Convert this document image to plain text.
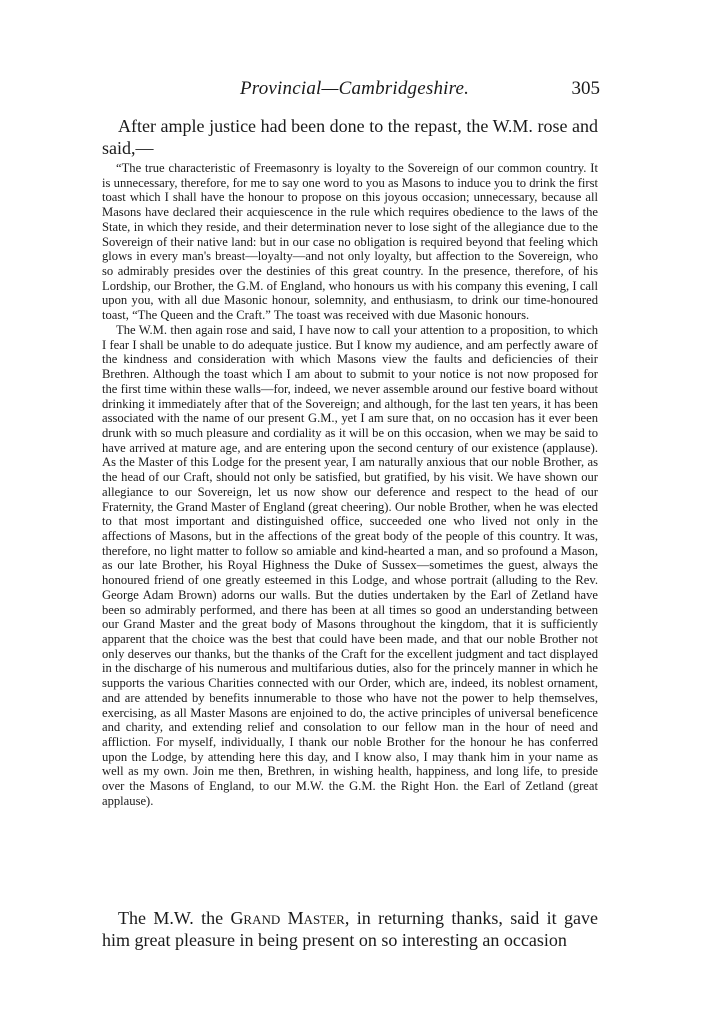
Provincial—Cambridgeshire.	305
After ample justice had been done to the repast, the W.M. rose and said,—

“The true characteristic of Freemasonry is loyalty to the Sovereign of our common country. It is unnecessary, therefore, for me to say one word to you as Masons to induce you to drink the first toast which I shall have the honour to propose on this joyous occasion; unnecessary, because all Masons have declared their acquiescence in the rule which requires obedience to the laws of the State, in which they reside, and their determination never to lose sight of the allegiance due to the Sovereign of their native land: but in our case no obligation is required beyond that feeling which glows in every man's breast—loyalty—and not only loyalty, but affection to the Sovereign, who so admirably presides over the destinies of this great country. In the presence, therefore, of his Lordship, our Brother, the G.M. of England, who honours us with his company this evening, I call upon you, with all due Masonic honour, solemnity, and enthusiasm, to drink our time-honoured toast, “The Queen and the Craft.” The toast was received with due Masonic honours.

The W.M. then again rose and said, I have now to call your attention to a proposition, to which I fear I shall be unable to do adequate justice. But I know my audience, and am perfectly aware of the kindness and consideration with which Masons view the faults and deficiencies of their Brethren. Although the toast which I am about to submit to your notice is not now proposed for the first time within these walls—for, indeed, we never assemble around our festive board without drinking it immediately after that of the Sovereign; and although, for the last ten years, it has been associated with the name of our present G.M., yet I am sure that, on no occasion has it ever been drunk with so much pleasure and cordiality as it will be on this occasion, when we may be said to have arrived at mature age, and are entering upon the second century of our existence (applause). As the Master of this Lodge for the present year, I am naturally anxious that our noble Brother, as the head of our Craft, should not only be satisfied, but gratified, by his visit. We have shown our allegiance to our Sovereign, let us now show our deference and respect to the head of our Fraternity, the Grand Master of England (great cheering). Our noble Brother, when he was elected to that most important and distinguished office, succeeded one who lived not only in the affections of Masons, but in the affections of the great body of the people of this country. It was, therefore, no light matter to follow so amiable and kind-hearted a man, and so profound a Mason, as our late Brother, his Royal Highness the Duke of Sussex—sometimes the guest, always the honoured friend of one greatly esteemed in this Lodge, and whose portrait (alluding to the Rev. George Adam Brown) adorns our walls. But the duties undertaken by the Earl of Zetland have been so admirably performed, and there has been at all times so good an understanding between our Grand Master and the great body of Masons throughout the kingdom, that it is sufficiently apparent that the choice was the best that could have been made, and that our noble Brother not only deserves our thanks, but the thanks of the Craft for the excellent judgment and tact displayed in the discharge of his numerous and multifarious duties, also for the princely manner in which he supports the various Charities connected with our Order, which are, indeed, its noblest ornament, and are attended by benefits innumerable to those who have not the power to help themselves, exercising, as all Master Masons are enjoined to do, the active principles of universal beneficence and charity, and extending relief and consolation to our fellow man in the hour of need and affliction. For myself, individually, I thank our noble Brother for the honour he has conferred upon the Lodge, by attending here this day, and I know also, I may thank him in your name as well as my own. Join me then, Brethren, in wishing health, happiness, and long life, to preside over the Masons of England, to our M.W. the G.M. the Right Hon. the Earl of Zetland (great applause).

The M.W. the Grand Master, in returning thanks, said it gave him great pleasure in being present on so interesting an occasion
